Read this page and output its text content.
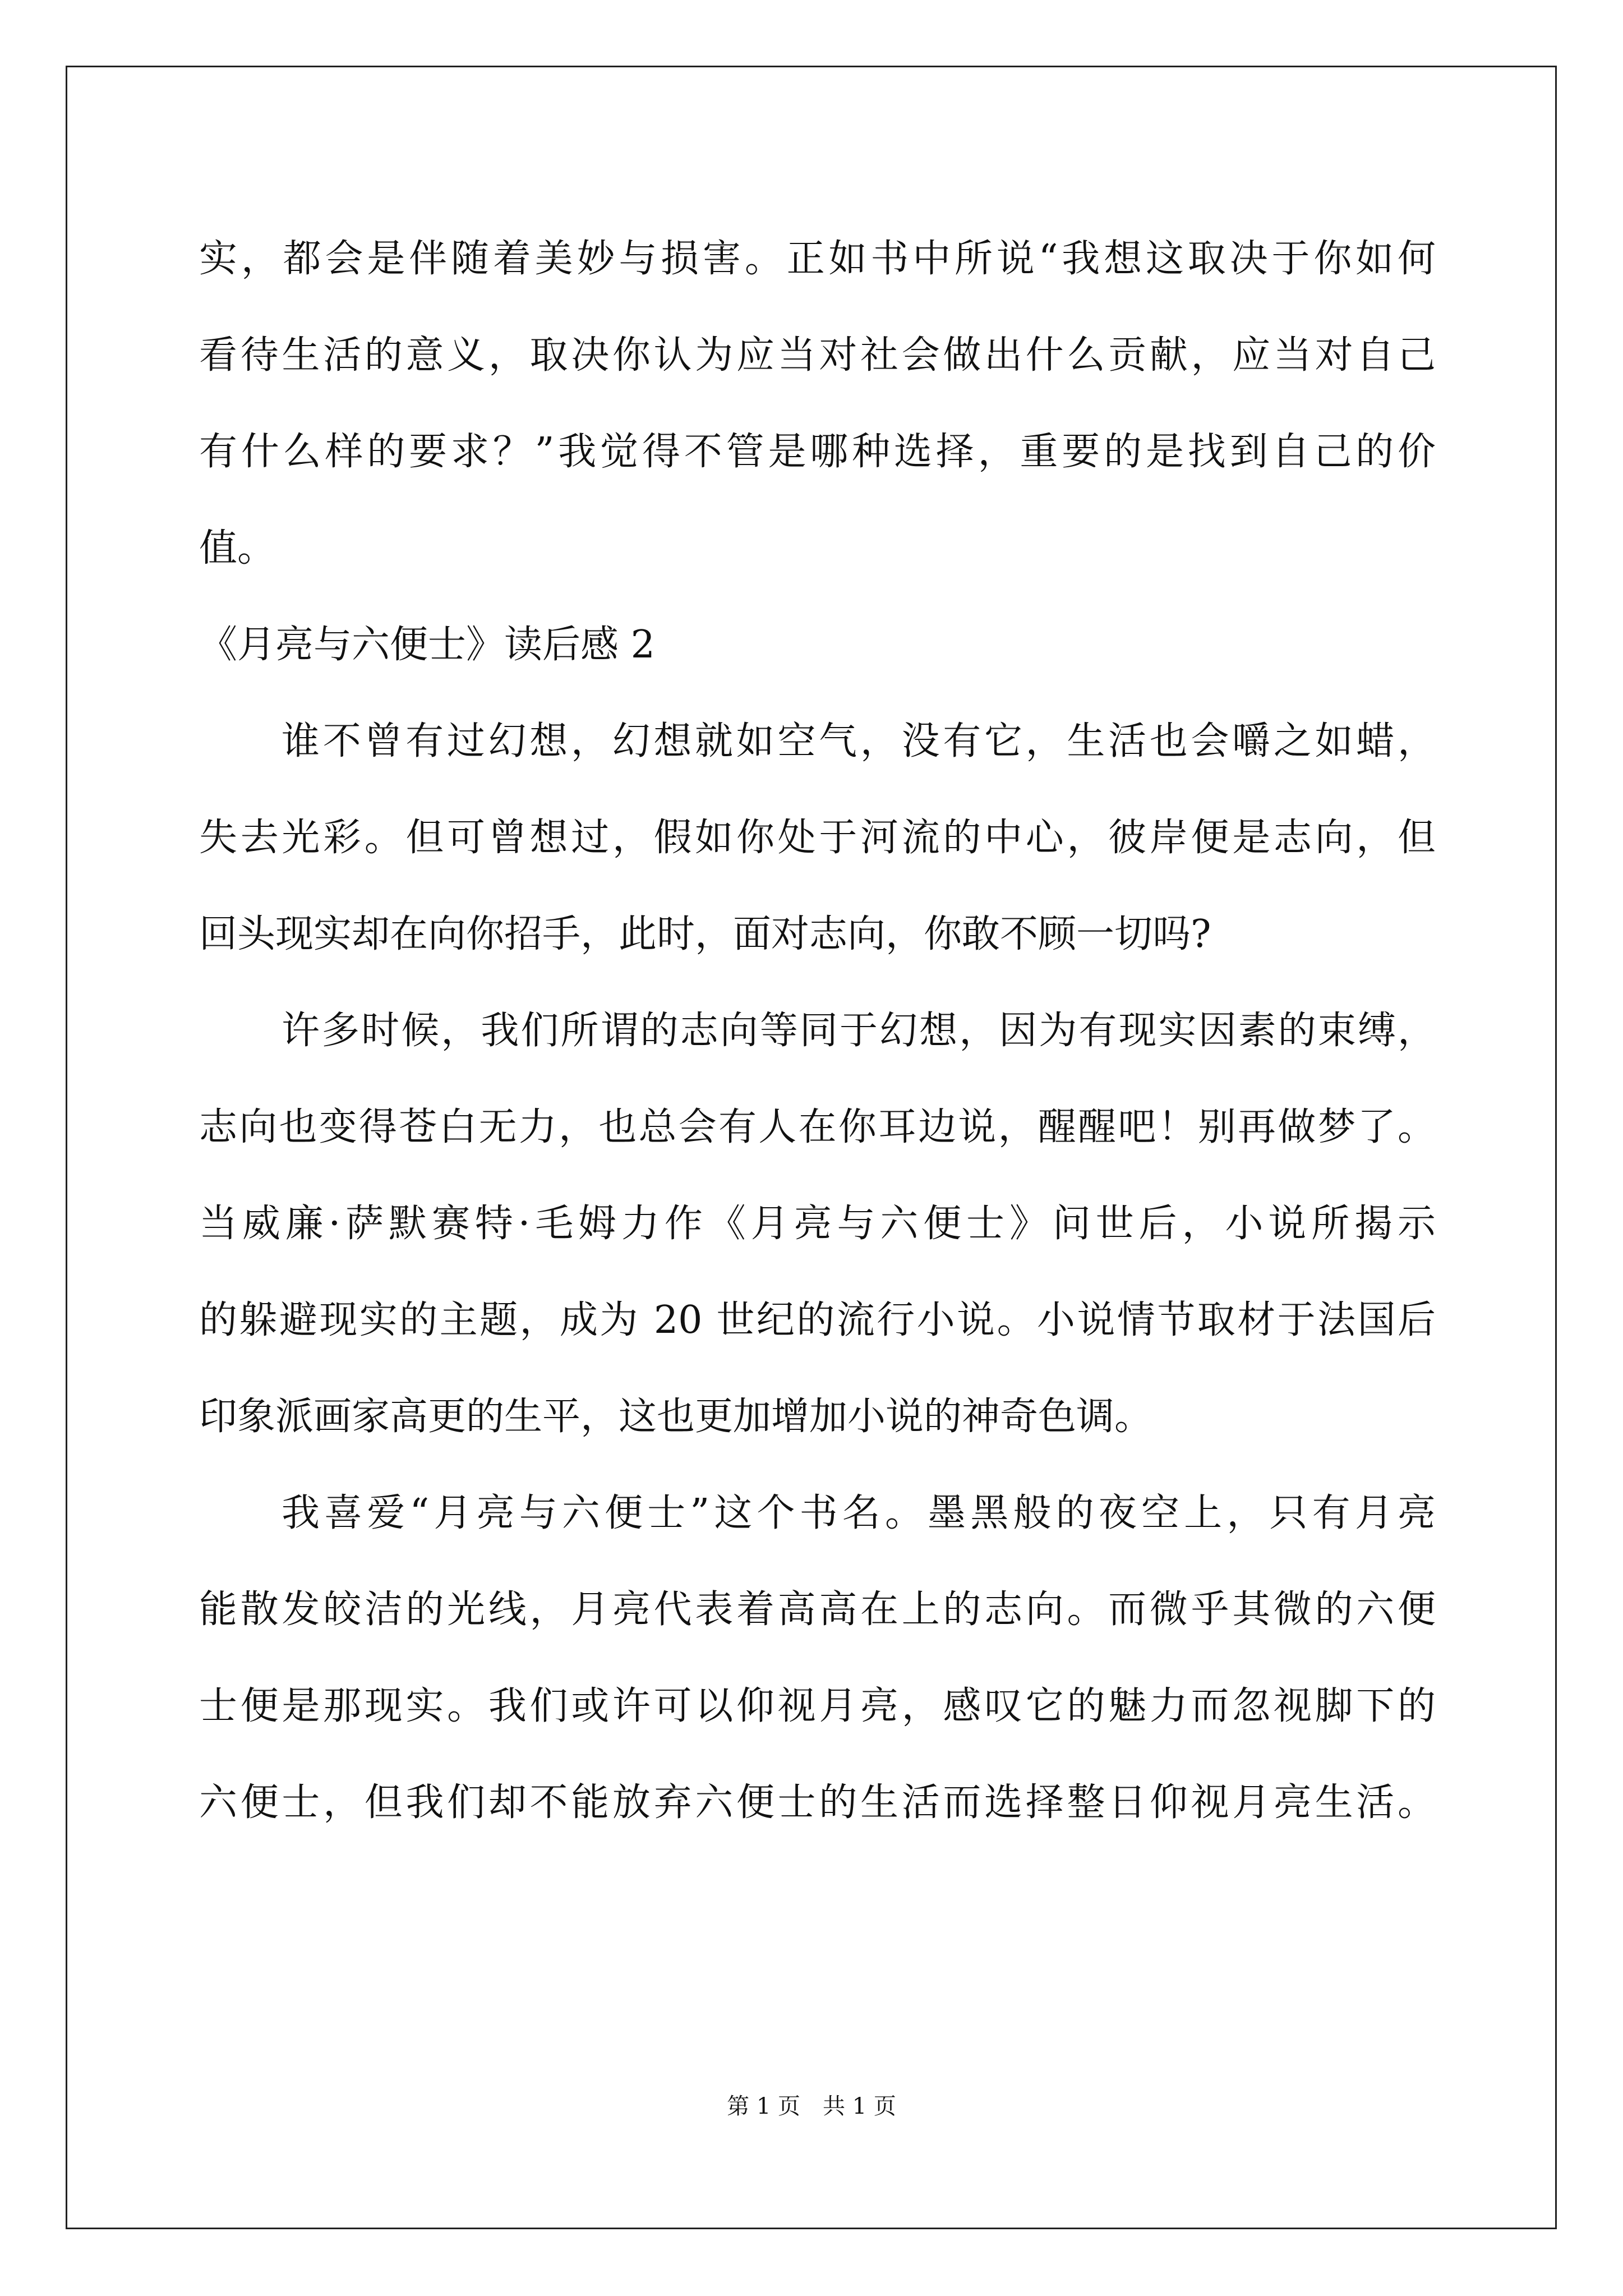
实，都会是伴随着美妙与损害。正如书中所说“我想这取决于你如何
看待生活的意义，取决你认为应当对社会做出什么贡献，应当对自己
有什么样的要求？”我觉得不管是哪种选择，重要的是找到自己的价
值。
《月亮与六便士》读后感 2
谁不曾有过幻想，幻想就如空气，没有它，生活也会嚼之如蜡，
失去光彩。但可曾想过，假如你处于河流的中心，彼岸便是志向，但
回头现实却在向你招手，此时，面对志向，你敢不顾一切吗?
许多时候，我们所谓的志向等同于幻想，因为有现实因素的束缚，
志向也变得苍白无力，也总会有人在你耳边说，醒醒吧！别再做梦了。
当威廉·萨默赛特·毛姆力作《月亮与六便士》问世后，小说所揭示
的躲避现实的主题，成为 20 世纪的流行小说。小说情节取材于法国后
印象派画家高更的生平，这也更加增加小说的神奇色调。
我喜爱“月亮与六便士”这个书名。墨黑般的夜空上，只有月亮
能散发皎洁的光线，月亮代表着高高在上的志向。而微乎其微的六便
士便是那现实。我们或许可以仰视月亮，感叹它的魅力而忽视脚下的
六便士，但我们却不能放弃六便士的生活而选择整日仰视月亮生活。
第 1 页　共 1 页
